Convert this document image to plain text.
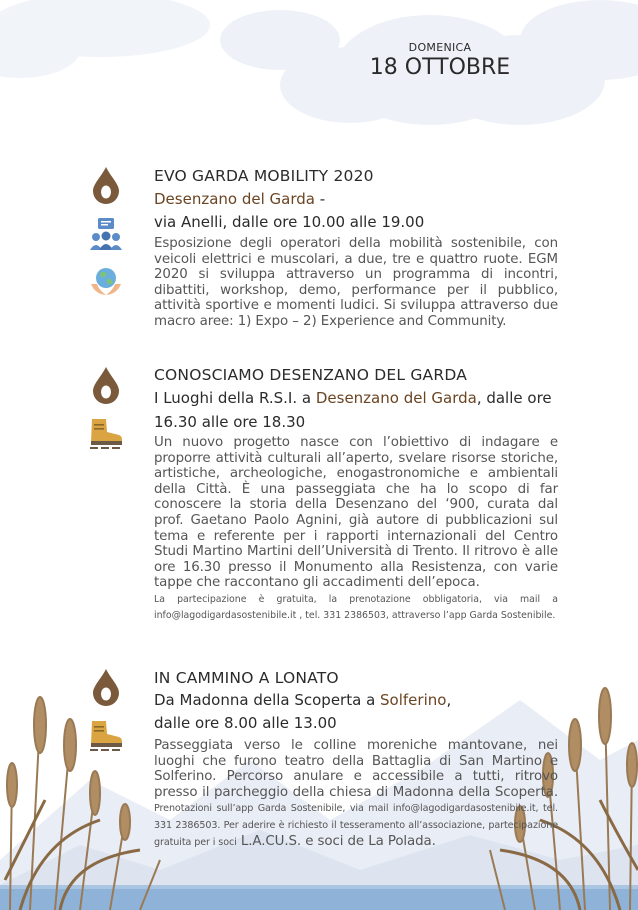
DOMENICA
18 OTTOBRE
EVO GARDA MOBILITY 2020
Desenzano del Garda -
via Anelli, dalle ore 10.00 alle 19.00
Esposizione degli operatori della mobilità sostenibile, con veicoli elettrici e muscolari, a due, tre e quattro ruote. EGM 2020 si sviluppa attraverso un programma di incontri, dibattiti, workshop, demo, performance per il pubblico, attività sportive e momenti ludici. Si sviluppa attraverso due macro aree: 1) Expo – 2) Experience and Community.
CONOSCIAMO DESENZANO DEL GARDA
I Luoghi della R.S.I. a Desenzano del Garda, dalle ore
16.30 alle ore 18.30
Un nuovo progetto nasce con l’obiettivo di indagare e proporre attività culturali all’aperto, svelare risorse storiche, artistiche, archeologiche, enogastronomiche e ambientali della Città. È una passeggiata che ha lo scopo di far conoscere la storia della Desenzano del ‘900, curata dal prof. Gaetano Paolo Agnini, già autore di pubblicazioni sul tema e referente per i rapporti internazionali del Centro Studi Martino Martini dell’Università di Trento. Il ritrovo è alle ore 16.30 presso il Monumento alla Resistenza, con varie tappe che raccontano gli accadimenti dell’epoca.
La partecipazione è gratuita, la prenotazione obbligatoria, via mail a info@lagodigardasostenibile.it , tel. 331 2386503, attraverso l’app Garda Sostenibile.
IN CAMMINO A LONATO
Da Madonna della Scoperta a Solferino,
dalle ore 8.00 alle 13.00
Passeggiata verso le colline moreniche mantovane, nei luoghi che furono teatro della Battaglia di San Martino e Solferino. Percorso anulare e accessibile a tutti, ritrovo presso il parcheggio della chiesa di Madonna della Scoperta. Prenotazioni sull’app Garda Sostenibile, via mail info@lagodigardasostenibile.it, tel. 331 2386503. Per aderire è richiesto il tesseramento all’associazione, partecipazione gratuita per i soci L.A.CU.S. e soci de La Polada.
